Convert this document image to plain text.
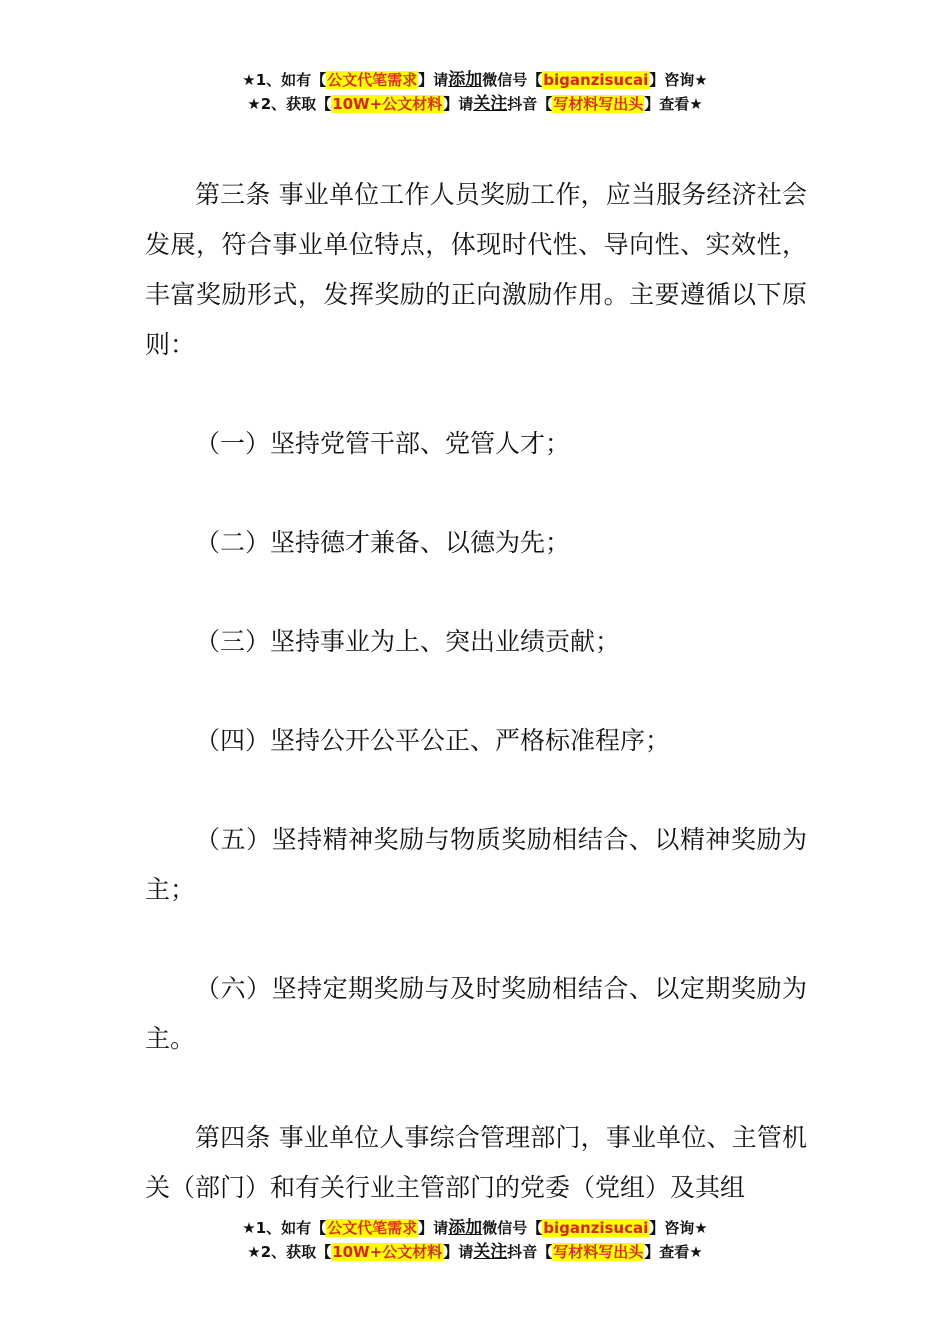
★1、如有【公文代笔需求】请添加微信号【biganzisucai】咨询★
★2、获取【10W+公文材料】请关注抖音【写材料写出头】查看★

第三条 事业单位工作人员奖励工作，应当服务经济社会发展，符合事业单位特点，体现时代性、导向性、实效性，丰富奖励形式，发挥奖励的正向激励作用。主要遵循以下原则：

（一）坚持党管干部、党管人才；

（二）坚持德才兼备、以德为先；

（三）坚持事业为上、突出业绩贡献；

（四）坚持公开公平公正、严格标准程序；

（五）坚持精神奖励与物质奖励相结合、以精神奖励为主；

（六）坚持定期奖励与及时奖励相结合、以定期奖励为主。

第四条 事业单位人事综合管理部门，事业单位、主管机关（部门）和有关行业主管部门的党委（党组）及其组

★1、如有【公文代笔需求】请添加微信号【biganzisucai】咨询★
★2、获取【10W+公文材料】请关注抖音【写材料写出头】查看★
